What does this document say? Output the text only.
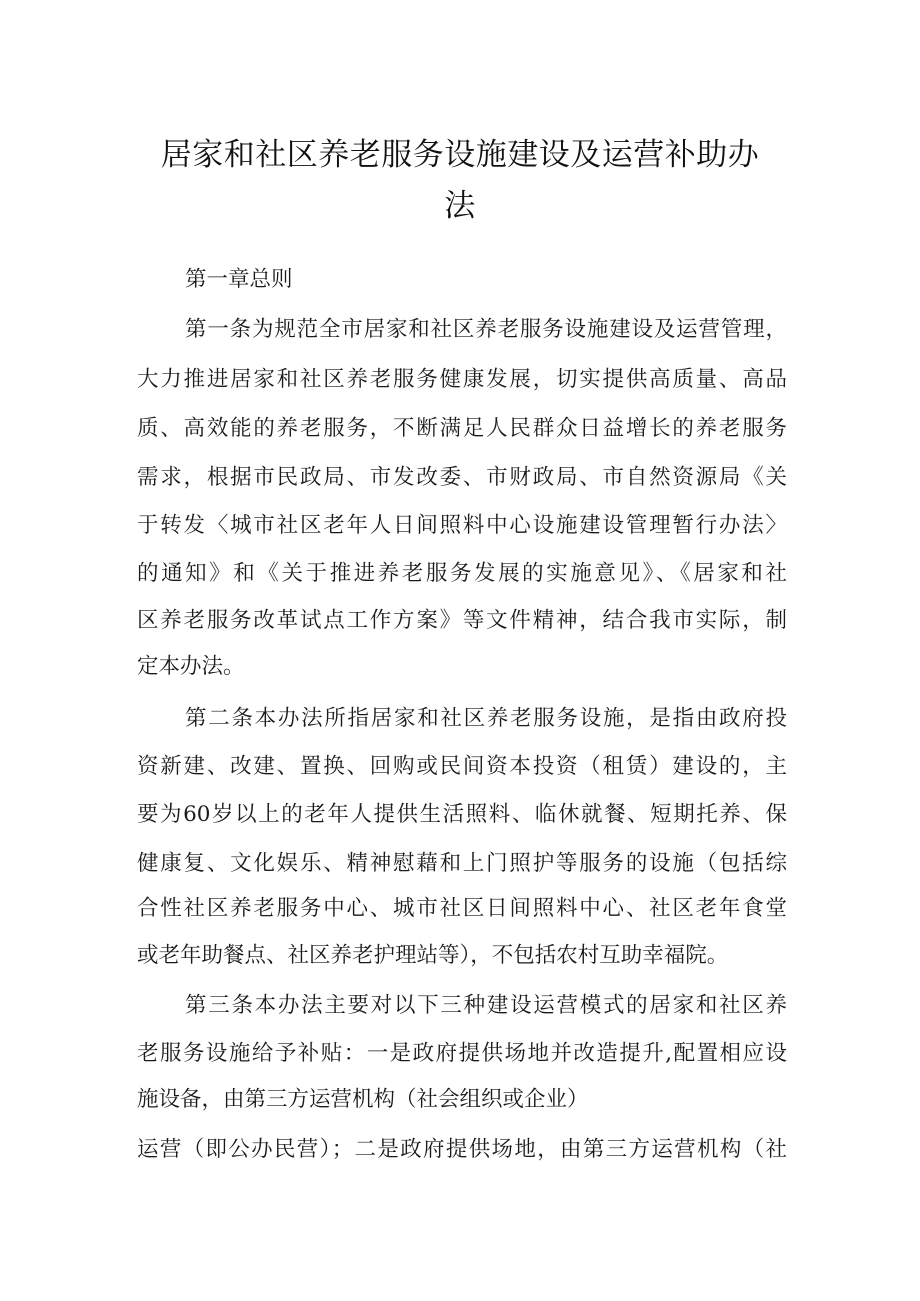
居家和社区养老服务设施建设及运营补助办
法
第一章总则
第一条为规范全市居家和社区养老服务设施建设及运营管理，
大力推进居家和社区养老服务健康发展，切实提供高质量、高品
质、高效能的养老服务，不断满足人民群众日益增长的养老服务
需求，根据市民政局、市发改委、市财政局、市自然资源局《关
于转发〈城市社区老年人日间照料中心设施建设管理暂行办法〉
的通知》和《关于推进养老服务发展的实施意见》、《居家和社
区养老服务改革试点工作方案》等文件精神，结合我市实际，制
定本办法。
第二条本办法所指居家和社区养老服务设施，是指由政府投
资新建、改建、置换、回购或民间资本投资（租赁）建设的，主
要为60岁以上的老年人提供生活照料、临休就餐、短期托养、保
健康复、文化娱乐、精神慰藉和上门照护等服务的设施（包括综
合性社区养老服务中心、城市社区日间照料中心、社区老年食堂
或老年助餐点、社区养老护理站等），不包括农村互助幸福院。
第三条本办法主要对以下三种建设运营模式的居家和社区养
老服务设施给予补贴：一是政府提供场地并改造提升,配置相应设
施设备，由第三方运营机构（社会组织或企业）
运营（即公办民营）；二是政府提供场地，由第三方运营机构（社
